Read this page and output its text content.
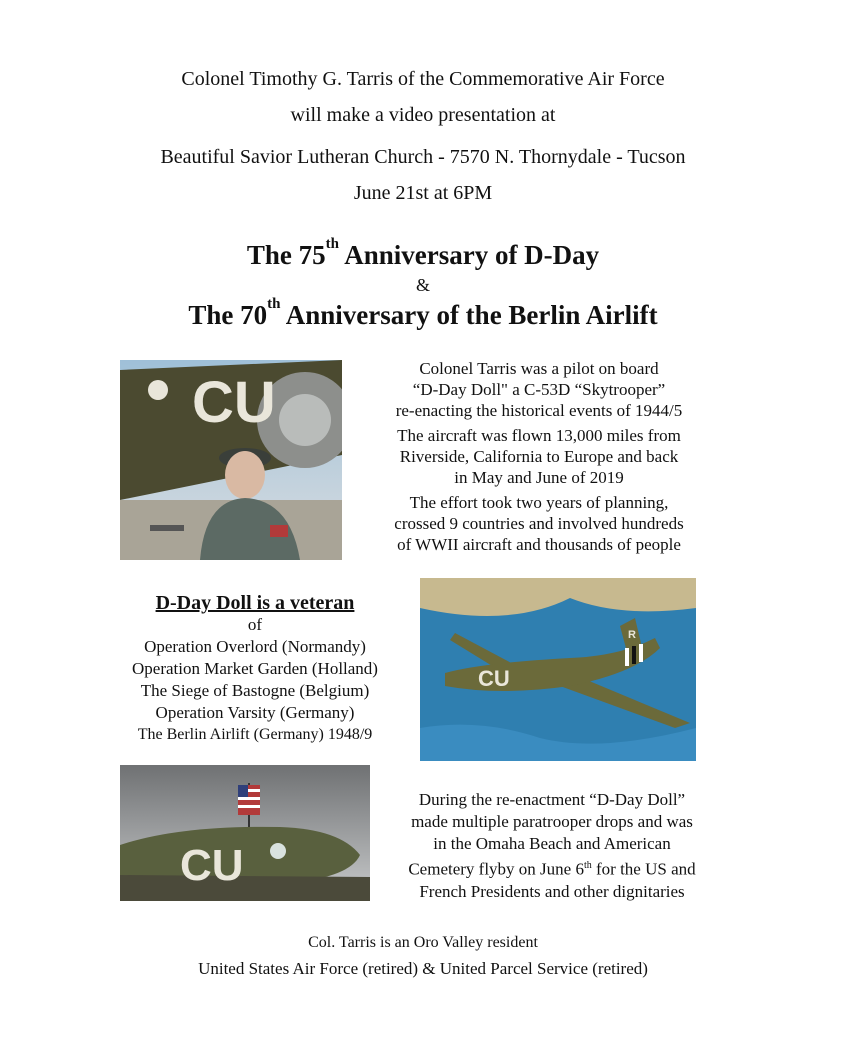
Colonel Timothy G. Tarris of the Commemorative Air Force
will make a video presentation at
Beautiful Savior Lutheran Church - 7570 N. Thornydale - Tucson
June 21st at 6PM
The 75th Anniversary of D-Day
&
The 70th Anniversary of the Berlin Airlift
CU
Colonel Tarris was a pilot on board
“D-Day Doll" a C-53D “Skytrooper”
re-enacting the historical events of 1944/5
The aircraft was flown 13,000 miles from
Riverside, California to Europe and back
in May and June of 2019
The effort took two years of planning,
crossed 9 countries and involved hundreds
of WWII aircraft and thousands of people
D-Day Doll is a veteran
of
Operation Overlord (Normandy)
Operation Market Garden (Holland)
The Siege of Bastogne (Belgium)
Operation Varsity (Germany)
The Berlin Airlift (Germany) 1948/9
CU
R
CU
During the re-enactment “D-Day Doll”
made multiple paratrooper drops and was
in the Omaha Beach and American
Cemetery flyby on June 6th for the US and
French Presidents and other dignitaries
Col. Tarris is an Oro Valley resident
United States Air Force (retired) & United Parcel Service (retired)
